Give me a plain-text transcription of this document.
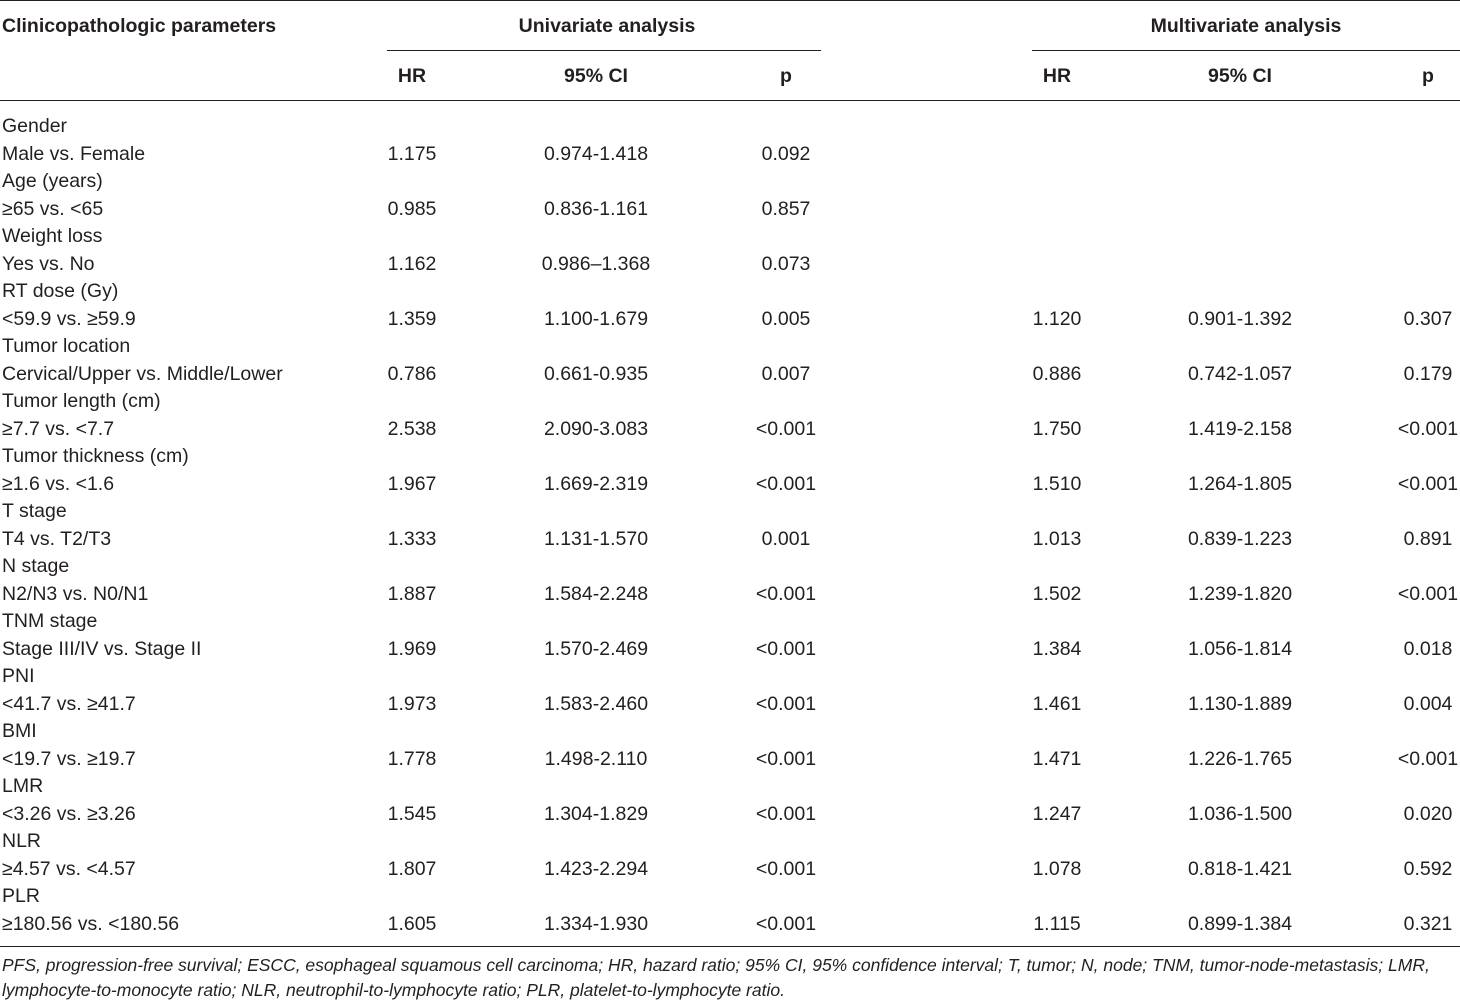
Clinicopathologic parameters	Univariate analysis	Multivariate analysis
HR	95% CI	p	HR	95% CI	p
Gender
Male vs. Female	1.175	0.974-1.418	0.092
Age (years)
≥65 vs. <65	0.985	0.836-1.161	0.857
Weight loss
Yes vs. No	1.162	0.986–1.368	0.073
RT dose (Gy)
<59.9 vs. ≥59.9	1.359	1.100-1.679	0.005	1.120	0.901-1.392	0.307
Tumor location
Cervical/Upper vs. Middle/Lower	0.786	0.661-0.935	0.007	0.886	0.742-1.057	0.179
Tumor length (cm)
≥7.7 vs. <7.7	2.538	2.090-3.083	<0.001	1.750	1.419-2.158	<0.001
Tumor thickness (cm)
≥1.6 vs. <1.6	1.967	1.669-2.319	<0.001	1.510	1.264-1.805	<0.001
T stage
T4 vs. T2/T3	1.333	1.131-1.570	0.001	1.013	0.839-1.223	0.891
N stage
N2/N3 vs. N0/N1	1.887	1.584-2.248	<0.001	1.502	1.239-1.820	<0.001
TNM stage
Stage III/IV vs. Stage II	1.969	1.570-2.469	<0.001	1.384	1.056-1.814	0.018
PNI
<41.7 vs. ≥41.7	1.973	1.583-2.460	<0.001	1.461	1.130-1.889	0.004
BMI
<19.7 vs. ≥19.7	1.778	1.498-2.110	<0.001	1.471	1.226-1.765	<0.001
LMR
<3.26 vs. ≥3.26	1.545	1.304-1.829	<0.001	1.247	1.036-1.500	0.020
NLR
≥4.57 vs. <4.57	1.807	1.423-2.294	<0.001	1.078	0.818-1.421	0.592
PLR
≥180.56 vs. <180.56	1.605	1.334-1.930	<0.001	1.115	0.899-1.384	0.321
PFS, progression-free survival; ESCC, esophageal squamous cell carcinoma; HR, hazard ratio; 95% CI, 95% confidence interval; T, tumor; N, node; TNM, tumor-node-metastasis; LMR, lymphocyte-to-monocyte ratio; NLR, neutrophil-to-lymphocyte ratio; PLR, platelet-to-lymphocyte ratio.
